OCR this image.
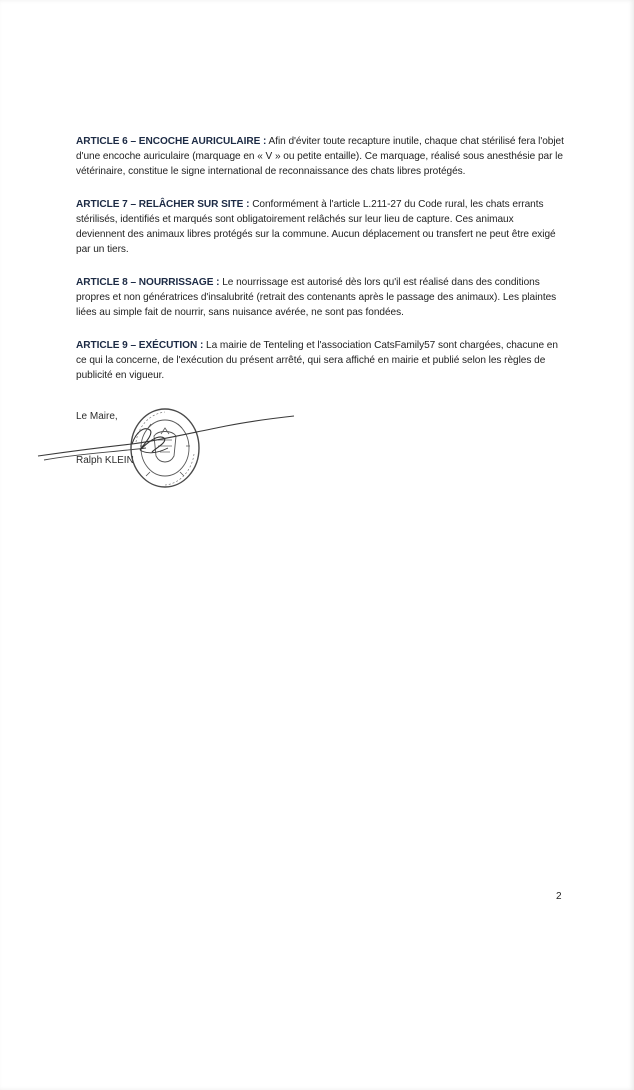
ARTICLE 6 – ENCOCHE AURICULAIRE : Afin d'éviter toute recapture inutile, chaque chat stérilisé fera l'objet d'une encoche auriculaire (marquage en « V » ou petite entaille). Ce marquage, réalisé sous anesthésie par le vétérinaire, constitue le signe international de reconnaissance des chats libres protégés.

ARTICLE 7 – RELÂCHER SUR SITE : Conformément à l'article L.211-27 du Code rural, les chats errants stérilisés, identifiés et marqués sont obligatoirement relâchés sur leur lieu de capture. Ces animaux deviennent des animaux libres protégés sur la commune. Aucun déplacement ou transfert ne peut être exigé par un tiers.

ARTICLE 8 – NOURRISSAGE : Le nourrissage est autorisé dès lors qu'il est réalisé dans des conditions propres et non génératrices d'insalubrité (retrait des contenants après le passage des animaux). Les plaintes liées au simple fait de nourrir, sans nuisance avérée, ne sont pas fondées.

ARTICLE 9 – EXÉCUTION : La mairie de Tenteling et l'association CatsFamily57 sont chargées, chacune en ce qui la concerne, de l'exécution du présent arrêté, qui sera affiché en mairie et publié selon les règles de publicité en vigueur.

Le Maire,
Ralph KLEIN
2
